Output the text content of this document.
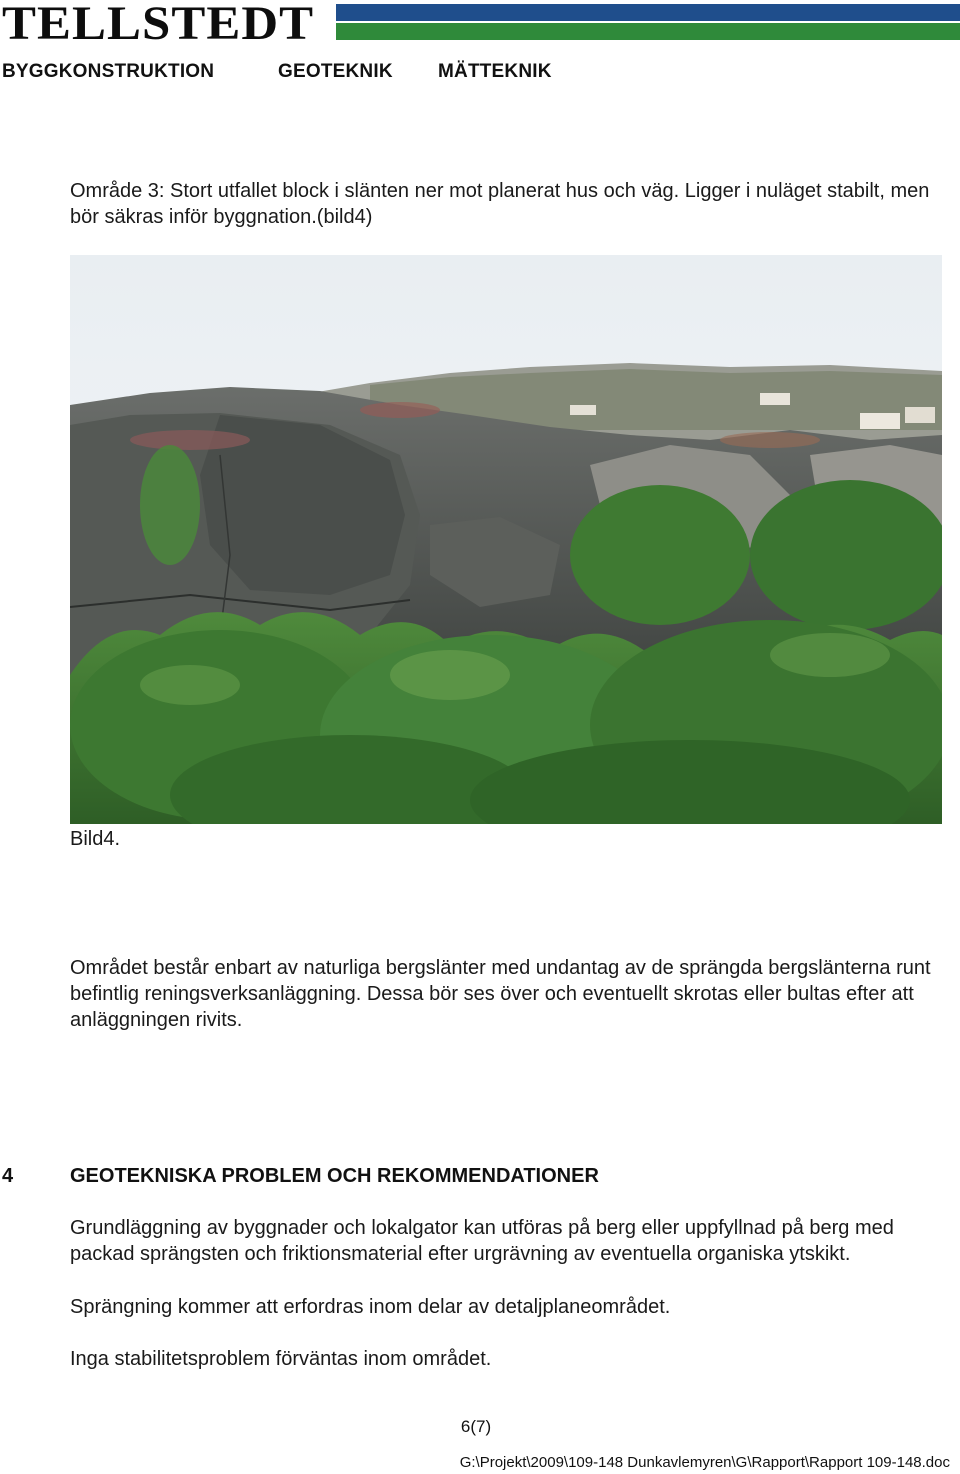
TELLSTEDT
BYGGKONSTRUKTION	GEOTEKNIK MÄTTEKNIK
Område 3: Stort utfallet block i slänten ner mot planerat hus och väg. Ligger i nuläget stabilt, men bör säkras inför byggnation.(bild4)
Bild4.
Området består enbart av naturliga bergslänter med undantag av de sprängda bergslänterna runt befintlig reningsverksanläggning. Dessa bör ses över och eventuellt skrotas eller bultas efter att anläggningen rivits.
4	GEOTEKNISKA PROBLEM OCH REKOMMENDATIONER
Grundläggning av byggnader och lokalgator kan utföras på berg eller uppfyllnad på berg med packad sprängsten och friktionsmaterial efter urgrävning av eventuella organiska ytskikt.
Sprängning kommer att erfordras inom delar av detaljplaneområdet.
Inga stabilitetsproblem förväntas inom området.
6(7)
G:\Projekt\2009\109-148 Dunkavlemyren\G\Rapport\Rapport 109-148.doc
